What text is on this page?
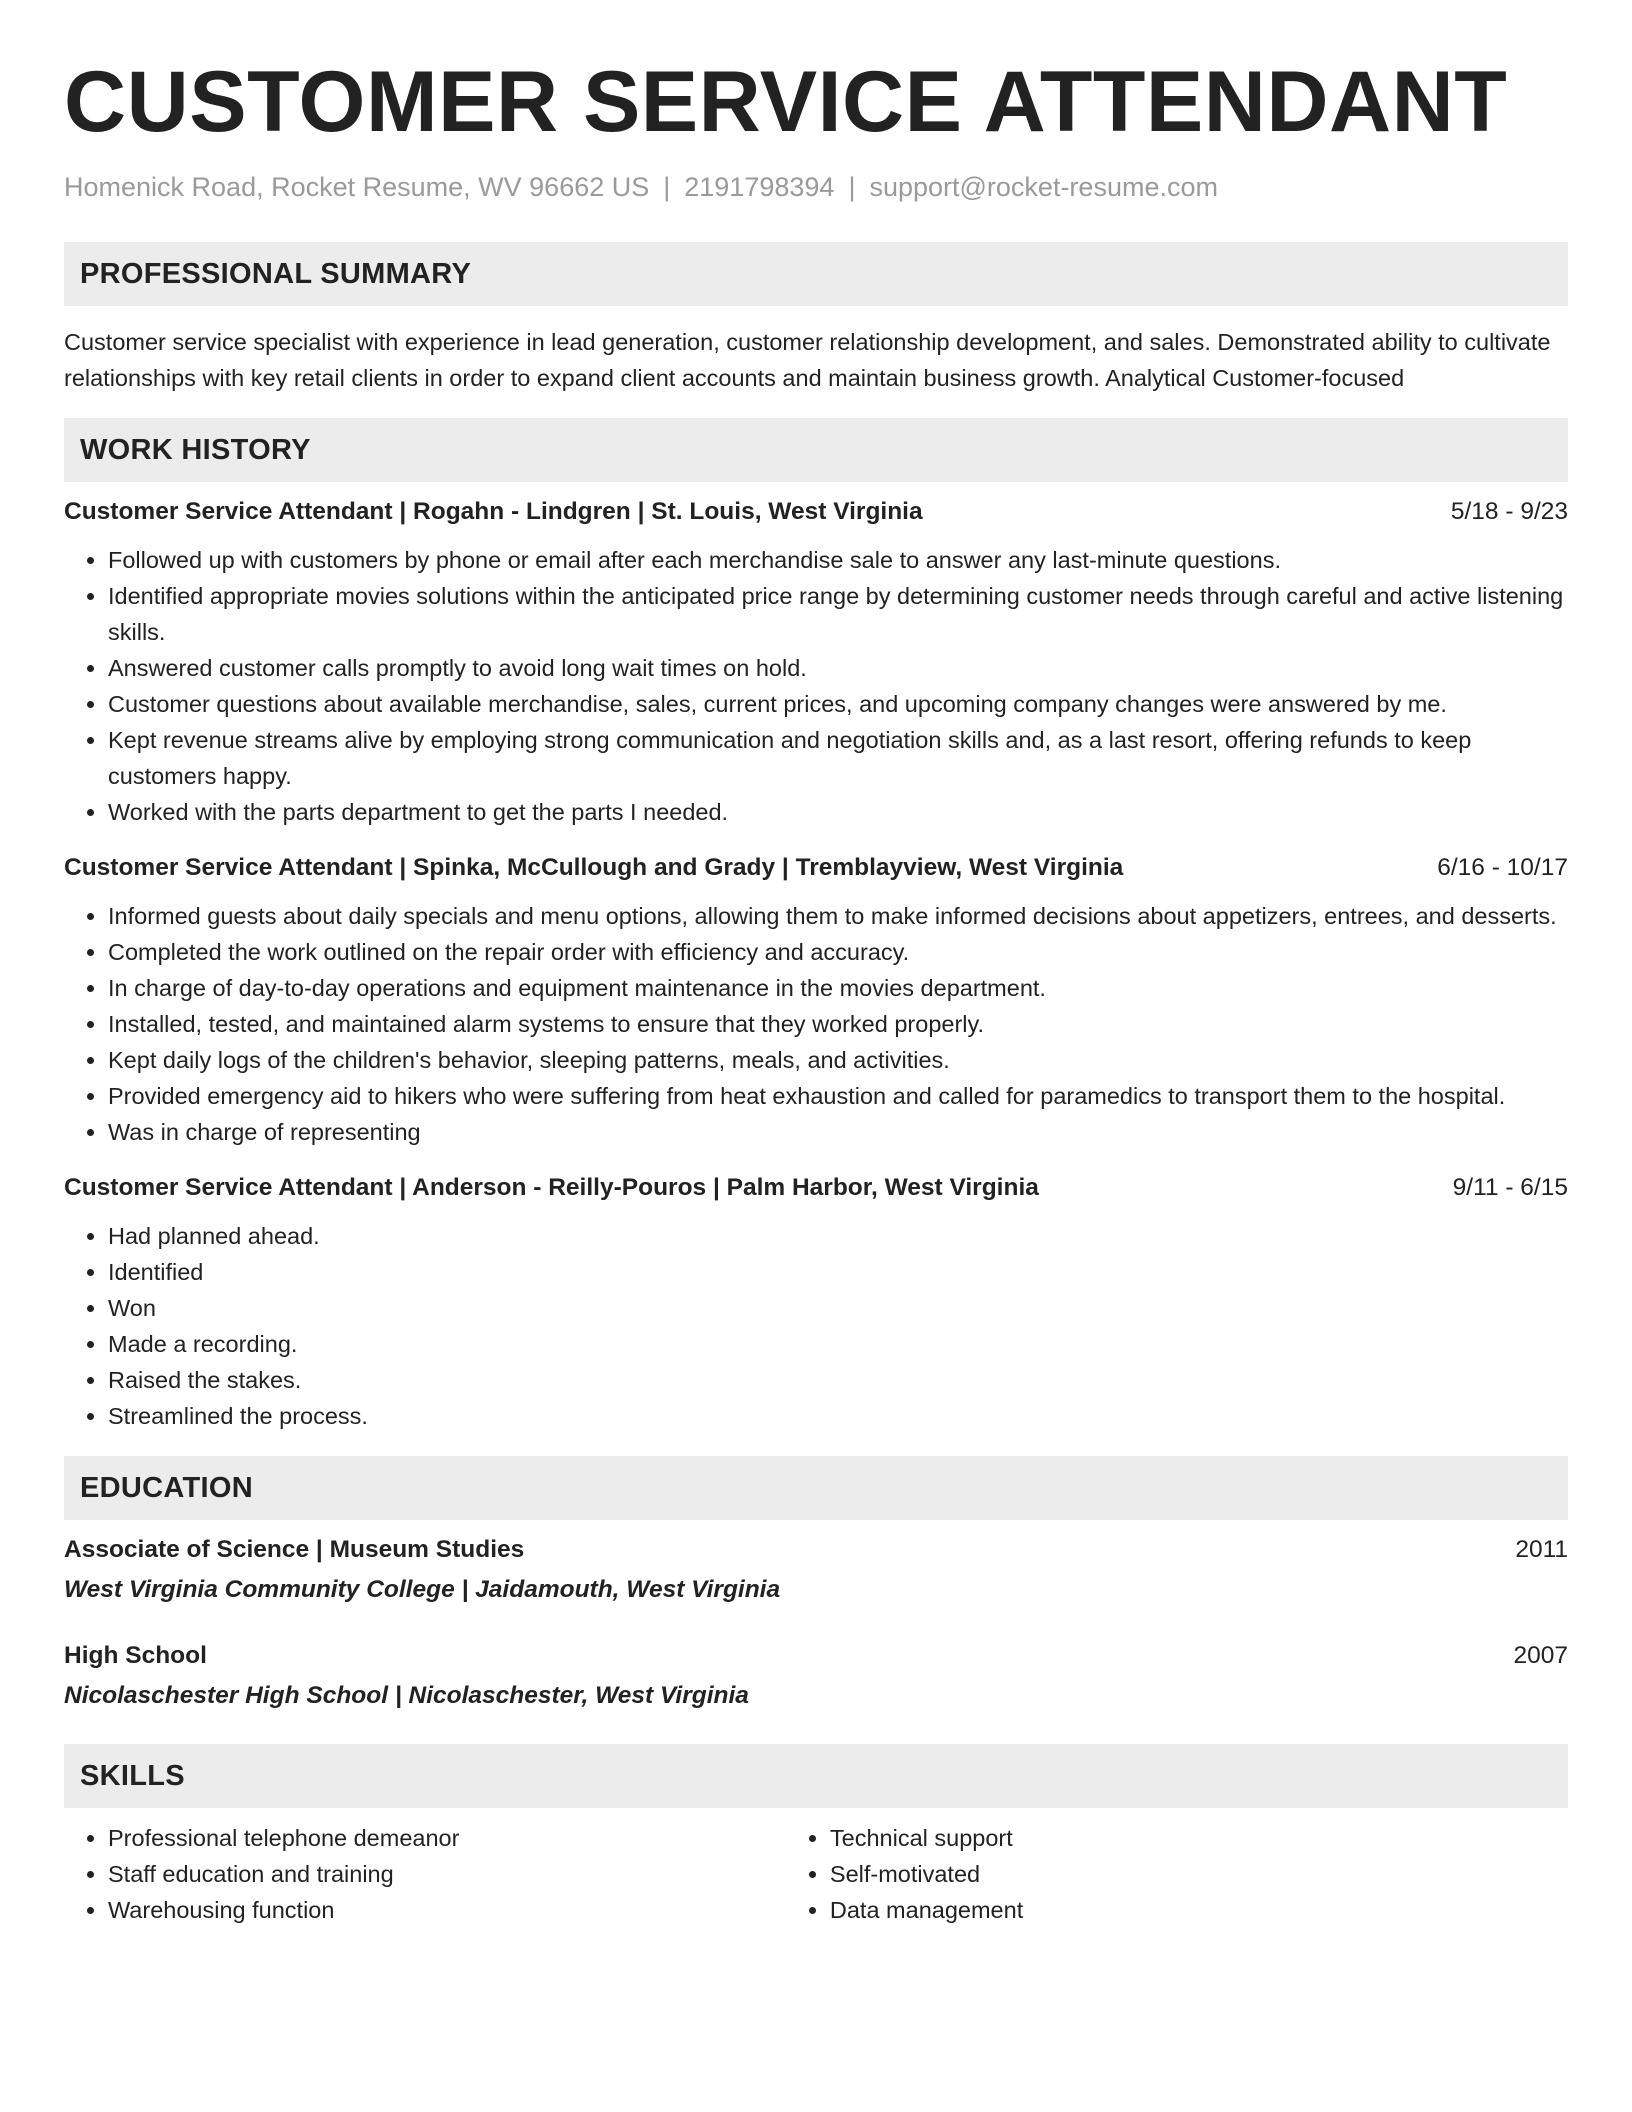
CUSTOMER SERVICE ATTENDANT
Homenick Road, Rocket Resume, WV 96662 US | 2191798394 | support@rocket-resume.com
PROFESSIONAL SUMMARY

Customer service specialist with experience in lead generation, customer relationship development, and sales. Demonstrated ability to cultivate relationships with key retail clients in order to expand client accounts and maintain business growth. Analytical Customer-focused

WORK HISTORY
Customer Service Attendant | Rogahn - Lindgren | St. Louis, West Virginia	5/18 - 9/23
• Followed up with customers by phone or email after each merchandise sale to answer any last-minute questions.
• Identified appropriate movies solutions within the anticipated price range by determining customer needs through careful and active listening skills.
• Answered customer calls promptly to avoid long wait times on hold.
• Customer questions about available merchandise, sales, current prices, and upcoming company changes were answered by me.
• Kept revenue streams alive by employing strong communication and negotiation skills and, as a last resort, offering refunds to keep customers happy.
• Worked with the parts department to get the parts I needed.
Customer Service Attendant | Spinka, McCullough and Grady | Tremblayview, West Virginia	6/16 - 10/17
• Informed guests about daily specials and menu options, allowing them to make informed decisions about appetizers, entrees, and desserts.
• Completed the work outlined on the repair order with efficiency and accuracy.
• In charge of day-to-day operations and equipment maintenance in the movies department.
• Installed, tested, and maintained alarm systems to ensure that they worked properly.
• Kept daily logs of the children's behavior, sleeping patterns, meals, and activities.
• Provided emergency aid to hikers who were suffering from heat exhaustion and called for paramedics to transport them to the hospital.
• Was in charge of representing
Customer Service Attendant | Anderson - Reilly-Pouros | Palm Harbor, West Virginia	9/11 - 6/15
• Had planned ahead.
• Identified
• Won
• Made a recording.
• Raised the stakes.
• Streamlined the process.
EDUCATION
Associate of Science | Museum Studies	2011
West Virginia Community College | Jaidamouth, West Virginia
High School	2007
Nicolaschester High School | Nicolaschester, West Virginia
SKILLS
• Professional telephone demeanor
• Staff education and training
• Warehousing function
• Technical support
• Self-motivated
• Data management
